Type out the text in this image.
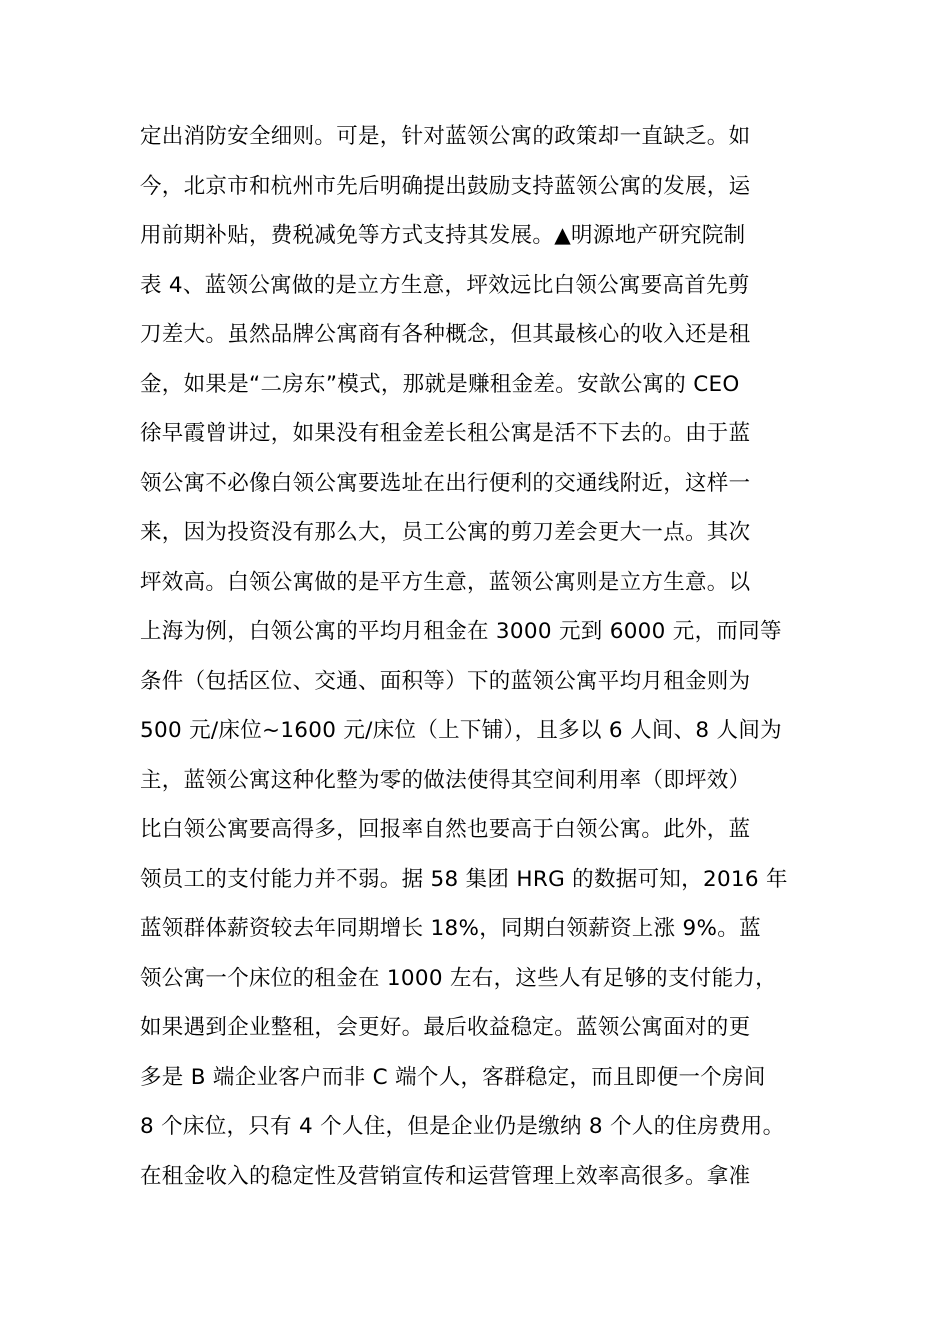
定出消防安全细则。可是，针对蓝领公寓的政策却一直缺乏。如
今，北京市和杭州市先后明确提出鼓励支持蓝领公寓的发展，运
用前期补贴，费税减免等方式支持其发展。▲明源地产研究院制
表 4、蓝领公寓做的是立方生意，坪效远比白领公寓要高首先剪
刀差大。虽然品牌公寓商有各种概念，但其最核心的收入还是租
金，如果是“二房东”模式，那就是赚租金差。安歆公寓的 CEO
徐早霞曾讲过，如果没有租金差长租公寓是活不下去的。由于蓝
领公寓不必像白领公寓要选址在出行便利的交通线附近，这样一
来，因为投资没有那么大，员工公寓的剪刀差会更大一点。其次
坪效高。白领公寓做的是平方生意，蓝领公寓则是立方生意。以
上海为例，白领公寓的平均月租金在 3000 元到 6000 元，而同等
条件（包括区位、交通、面积等）下的蓝领公寓平均月租金则为
500 元/床位~1600 元/床位（上下铺），且多以 6 人间、8 人间为
主，蓝领公寓这种化整为零的做法使得其空间利用率（即坪效）
比白领公寓要高得多，回报率自然也要高于白领公寓。此外，蓝
领员工的支付能力并不弱。据 58 集团 HRG 的数据可知，2016 年
蓝领群体薪资较去年同期增长 18%，同期白领薪资上涨 9%。蓝
领公寓一个床位的租金在 1000 左右，这些人有足够的支付能力，
如果遇到企业整租，会更好。最后收益稳定。蓝领公寓面对的更
多是 B 端企业客户而非 C 端个人，客群稳定，而且即便一个房间
8 个床位，只有 4 个人住，但是企业仍是缴纳 8 个人的住房费用。
在租金收入的稳定性及营销宣传和运营管理上效率高很多。拿准
